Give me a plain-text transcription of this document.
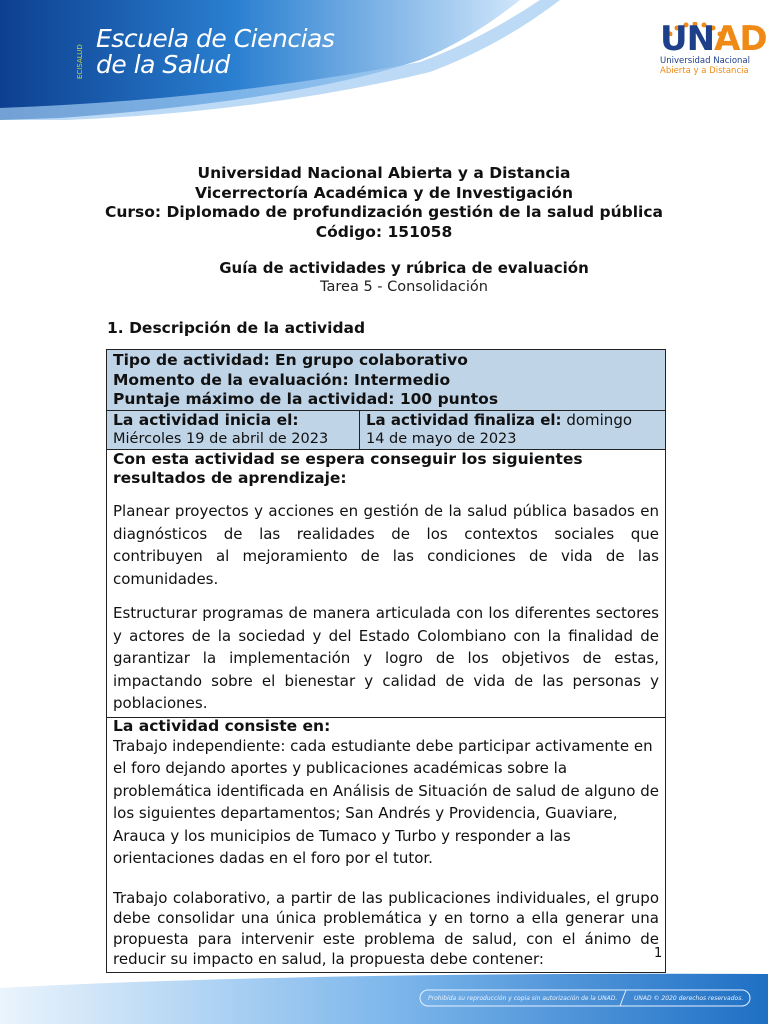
ECISALUD
Escuela de Ciencias
de la Salud
UNAD
Universidad Nacional
Abierta y a Distancia
Universidad Nacional Abierta y a Distancia
Vicerrectoría Académica y de Investigación
Curso: Diplomado de profundización gestión de la salud pública
Código: 151058
Guía de actividades y rúbrica de evaluación
Tarea 5 - Consolidación
1. Descripción de la actividad
Tipo de actividad: En grupo colaborativo
Momento de la evaluación: Intermedio
Puntaje máximo de la actividad: 100 puntos

La actividad inicia el:
Miércoles 19 de abril de 2023

La actividad finaliza el: domingo
14 de mayo de 2023

Con esta actividad se espera conseguir los siguientes resultados de aprendizaje:

Planear proyectos y acciones en gestión de la salud pública basados en diagnósticos de las realidades de los contextos sociales que contribuyen al mejoramiento de las condiciones de vida de las comunidades.

Estructurar programas de manera articulada con los diferentes sectores y actores de la sociedad y del Estado Colombiano con la finalidad de garantizar la implementación y logro de los objetivos de estas, impactando sobre el bienestar y calidad de vida de las personas y poblaciones.

La actividad consiste en:

Trabajo independiente: cada estudiante debe participar activamente en el foro dejando aportes y publicaciones académicas sobre la problemática identificada en Análisis de Situación de salud de alguno de los siguientes departamentos; San Andrés y Providencia, Guaviare, Arauca y los municipios de Tumaco y Turbo y responder a las orientaciones dadas en el foro por el tutor.

Trabajo colaborativo, a partir de las publicaciones individuales, el grupo debe consolidar una única problemática y en torno a ella generar una propuesta para intervenir este problema de salud, con el ánimo de reducir su impacto en salud, la propuesta debe contener:	1
Prohibida su reproducción y copia sin autorización de la UNAD.	UNAD © 2020 derechos reservados.
